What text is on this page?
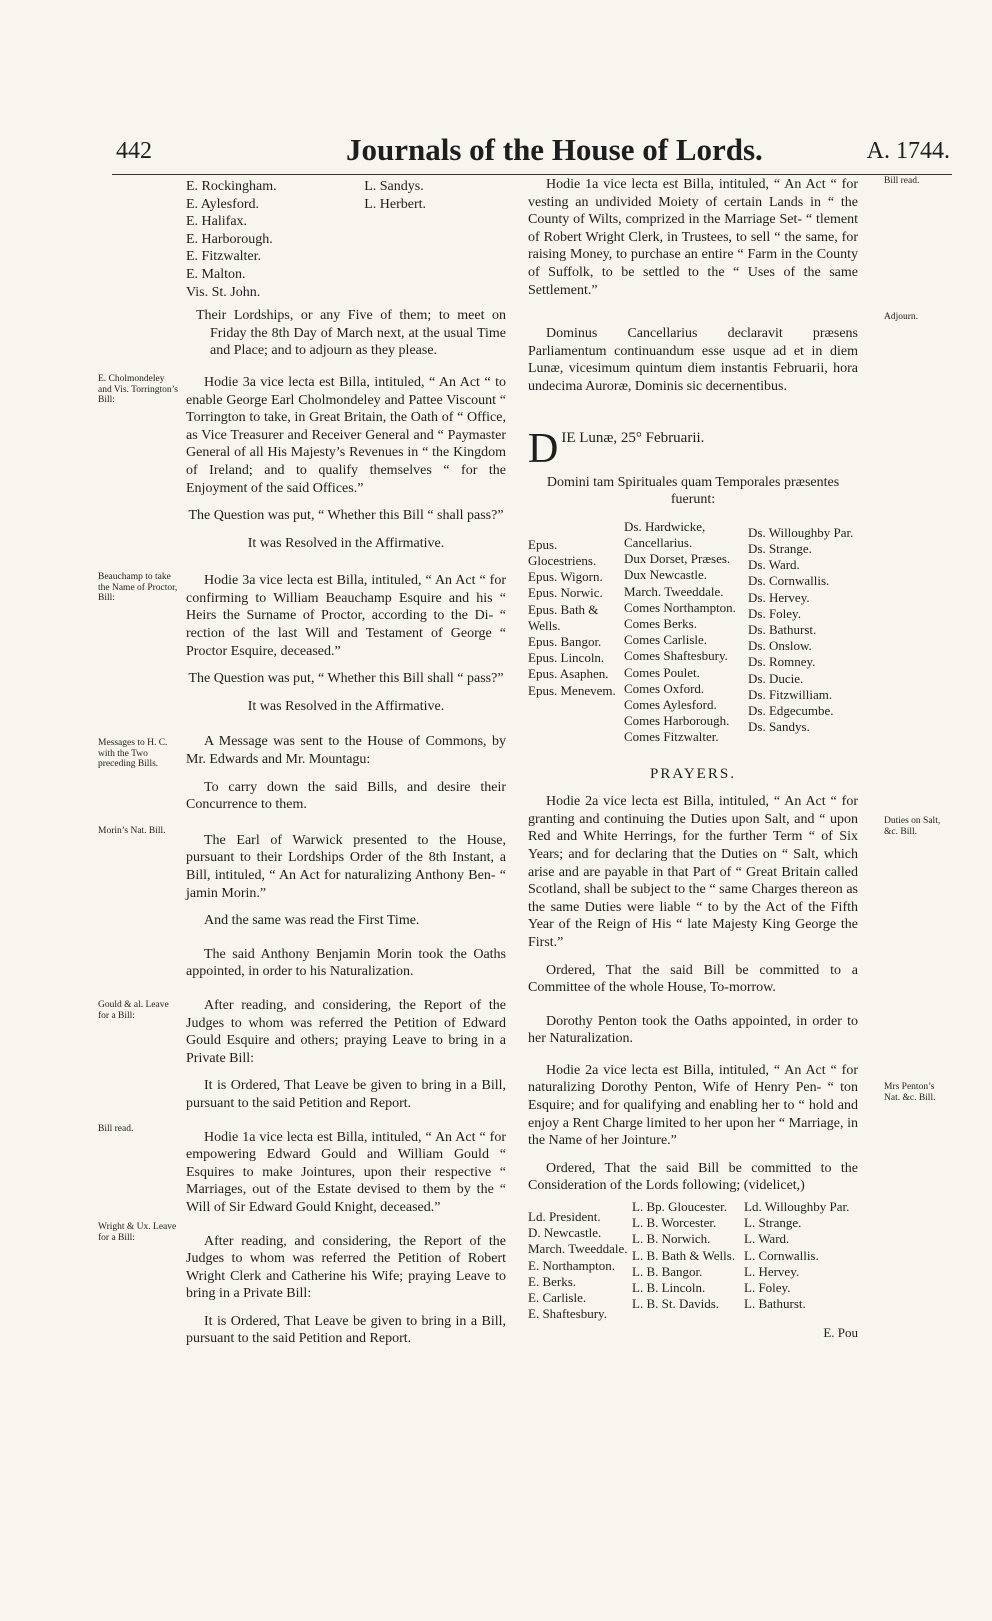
442	Journals of the House of Lords.	A. 1744.
E. Rockingham.
E. Aylesford.
E. Halifax.
E. Harborough.
E. Fitzwalter.
E. Malton.
Vis. St. John.
L. Sandys.
L. Herbert.

Their Lordships, or any Five of them; to meet on Friday the 8th Day of March next, at the usual Time and Place; and to adjourn as they please.

Hodie 3a vice lecta est Billa, intituled, “ An Act “ to enable George Earl Cholmondeley and Pattee Viscount “ Torrington to take, in Great Britain, the Oath of “ Office, as Vice Treasurer and Receiver General and “ Paymaster General of all His Majesty’s Revenues in “ the Kingdom of Ireland; and to qualify themselves “ for the Enjoyment of the said Offices.”

The Question was put, “ Whether this Bill “ shall pass?”

It was Resolved in the Affirmative.

Hodie 3a vice lecta est Billa, intituled, “ An Act “ for confirming to William Beauchamp Esquire and his “ Heirs the Surname of Proctor, according to the Di- “ rection of the last Will and Testament of George “ Proctor Esquire, deceased.”

The Question was put, “ Whether this Bill shall “ pass?”

It was Resolved in the Affirmative.

A Message was sent to the House of Commons, by Mr. Edwards and Mr. Mountagu:

To carry down the said Bills, and desire their Concurrence to them.

The Earl of Warwick presented to the House, pursuant to their Lordships Order of the 8th Instant, a Bill, intituled, “ An Act for naturalizing Anthony Ben- “ jamin Morin.”

And the same was read the First Time.

The said Anthony Benjamin Morin took the Oaths appointed, in order to his Naturalization.

After reading, and considering, the Report of the Judges to whom was referred the Petition of Edward Gould Esquire and others; praying Leave to bring in a Private Bill:

It is Ordered, That Leave be given to bring in a Bill, pursuant to the said Petition and Report.

Hodie 1a vice lecta est Billa, intituled, “ An Act “ for empowering Edward Gould and William Gould “ Esquires to make Jointures, upon their respective “ Marriages, out of the Estate devised to them by the “ Will of Sir Edward Gould Knight, deceased.”

After reading, and considering, the Report of the Judges to whom was referred the Petition of Robert Wright Clerk and Catherine his Wife; praying Leave to bring in a Private Bill:

It is Ordered, That Leave be given to bring in a Bill, pursuant to the said Petition and Report.

E. Cholmondeley and Vis. Torrington’s Bill:
Beauchamp to take the Name of Proctor, Bill:
Messages to H. C. with the Two preceding Bills.
Morin’s Nat. Bill.
Gould & al. Leave for a Bill:
Bill read.
Wright & Ux. Leave for a Bill:

Hodie 1a vice lecta est Billa, intituled, “ An Act “ for vesting an undivided Moiety of certain Lands in “ the County of Wilts, comprized in the Marriage Set- “ tlement of Robert Wright Clerk, in Trustees, to sell “ the same, for raising Money, to purchase an entire “ Farm in the County of Suffolk, to be settled to the “ Uses of the same Settlement.”

Dominus Cancellarius declaravit præsens Parliamentum continuandum esse usque ad et in diem Lunæ, vicesimum quintum diem instantis Februarii, hora undecima Auroræ, Dominis sic decernentibus.

D IE Lunæ, 25° Februarii.

Domini tam Spirituales quam Temporales præsentes fuerunt:

Epus. Glocestriens.
Epus. Wigorn.
Epus. Norwic.
Epus. Bath & Wells.
Epus. Bangor.
Epus. Lincoln.
Epus. Asaphen.
Epus. Menevem.
Ds. Hardwicke, Cancellarius.
Dux Dorset, Præses.
Dux Newcastle.
March. Tweeddale.
Comes Northampton.
Comes Berks.
Comes Carlisle.
Comes Shaftesbury.
Comes Poulet.
Comes Oxford.
Comes Aylesford.
Comes Harborough.
Comes Fitzwalter.
Ds. Willoughby Par.
Ds. Strange.
Ds. Ward.
Ds. Cornwallis.
Ds. Hervey.
Ds. Foley.
Ds. Bathurst.
Ds. Onslow.
Ds. Romney.
Ds. Ducie.
Ds. Fitzwilliam.
Ds. Edgecumbe.
Ds. Sandys.
PRAYERS.

Hodie 2a vice lecta est Billa, intituled, “ An Act “ for granting and continuing the Duties upon Salt, and “ upon Red and White Herrings, for the further Term “ of Six Years; and for declaring that the Duties on “ Salt, which arise and are payable in that Part of “ Great Britain called Scotland, shall be subject to the “ same Charges thereon as the same Duties were liable “ to by the Act of the Fifth Year of the Reign of His “ late Majesty King George the First.”

Ordered, That the said Bill be committed to a Committee of the whole House, To-morrow.

Dorothy Penton took the Oaths appointed, in order to her Naturalization.

Hodie 2a vice lecta est Billa, intituled, “ An Act “ for naturalizing Dorothy Penton, Wife of Henry Pen- “ ton Esquire; and for qualifying and enabling her to “ hold and enjoy a Rent Charge limited to her upon her “ Marriage, in the Name of her Jointure.”

Ordered, That the said Bill be committed to the Consideration of the Lords following; (videlicet,)

Ld. President.
D. Newcastle.
March. Tweeddale.
E. Northampton.
E. Berks.
E. Carlisle.
E. Shaftesbury.
L. Bp. Gloucester.
L. B. Worcester.
L. B. Norwich.
L. B. Bath & Wells.
L. B. Bangor.
L. B. Lincoln.
L. B. St. Davids.
Ld. Willoughby Par.
L. Strange.
L. Ward.
L. Cornwallis.
L. Hervey.
L. Foley.
L. Bathurst.
E. Pou
Bill read.
Adjourn.
Duties on Salt, &c. Bill.
Mrs Penton’s Nat. &c. Bill.
